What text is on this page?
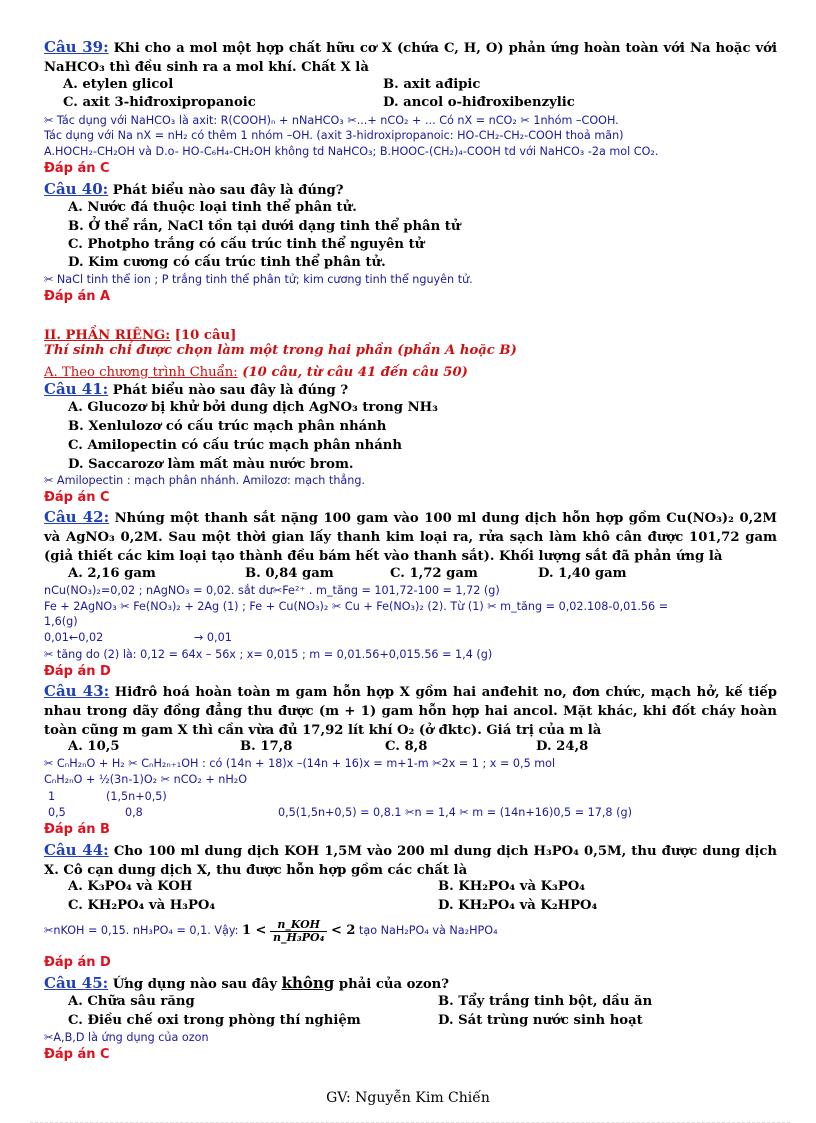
Câu 39: Khi cho a mol một hợp chất hữu cơ X (chứa C, H, O) phản ứng hoàn toàn với Na hoặc với NaHCO₃ thì đều sinh ra a mol khí. Chất X là
A. etylen glicol	B. axit ađipic
C. axit 3-hiđroxipropanoic	D. ancol o-hiđroxibenzylic
✂ Tác dụng với NaHCO₃ là axit: R(COOH)ₙ + nNaHCO₃ ✂...+ nCO₂ + ... Có nX = nCO₂ ✂ 1nhóm –COOH.
Tác dụng với Na nX = nH₂ có thêm 1 nhóm –OH. (axit 3-hidroxipropanoic: HO-CH₂-CH₂-COOH thoả mãn)
A.HOCH₂-CH₂OH và D.o- HO-C₆H₄-CH₂OH không td NaHCO₃; B.HOOC-(CH₂)₄-COOH td với NaHCO₃ -2a mol CO₂.
Đáp án C
Câu 40: Phát biểu nào sau đây là đúng?
A. Nước đá thuộc loại tinh thể phân tử.
B. Ở thể rắn, NaCl tồn tại dưới dạng tinh thể phân tử
C. Photpho trắng có cấu trúc tinh thể nguyên tử
D. Kim cương có cấu trúc tinh thể phân tử.
✂ NaCl tinh thể ion ; P trắng tinh thể phân tử; kim cương tinh thể nguyên tử.
Đáp án A
II. PHẦN RIÊNG: [10 câu]
Thí sinh chỉ được chọn làm một trong hai phần (phần A hoặc B)
A. Theo chương trình Chuẩn: (10 câu, từ câu 41 đến câu 50)
Câu 41: Phát biểu nào sau đây là đúng ?
A. Glucozơ bị khử bởi dung dịch AgNO₃ trong NH₃
B. Xenlulozơ có cấu trúc mạch phân nhánh
C. Amilopectin có cấu trúc mạch phân nhánh
D. Saccarozơ làm mất màu nước brom.
✂ Amilopectin : mạch phân nhánh. Amilozơ: mạch thẳng.
Đáp án C
Câu 42: Nhúng một thanh sắt nặng 100 gam vào 100 ml dung dịch hỗn hợp gồm Cu(NO₃)₂ 0,2M và AgNO₃ 0,2M. Sau một thời gian lấy thanh kim loại ra, rửa sạch làm khô cân được 101,72 gam (giả thiết các kim loại tạo thành đều bám hết vào thanh sắt). Khối lượng sắt đã phản ứng là
A. 2,16 gam	B. 0,84 gam	C. 1,72 gam	D. 1,40 gam
nCu(NO₃)₂=0,02 ; nAgNO₃ = 0,02. sắt dư✂Fe²⁺ . m_tăng = 101,72-100 = 1,72 (g)
Fe + 2AgNO₃ ✂ Fe(NO₃)₂ + 2Ag (1) ; Fe + Cu(NO₃)₂ ✂ Cu + Fe(NO₃)₂ (2). Từ (1) ✂ m_tăng = 0,02.108-0,01.56 =
1,6(g)
0,01←0,02	→ 0,01
✂ tăng do (2) là: 0,12 = 64x – 56x ; x= 0,015 ; m = 0,01.56+0,015.56 = 1,4 (g)
Đáp án D
Câu 43: Hiđrô hoá hoàn toàn m gam hỗn hợp X gồm hai anđehit no, đơn chức, mạch hở, kế tiếp nhau trong dãy đồng đẳng thu được (m + 1) gam hỗn hợp hai ancol. Mặt khác, khi đốt cháy hoàn toàn cũng m gam X thì cần vừa đủ 17,92 lít khí O₂ (ở đktc). Giá trị của m là
A. 10,5	B. 17,8	C. 8,8	D. 24,8
✂ CₙH₂ₙO + H₂ ✂ CₙH₂ₙ₊₁OH : có (14n + 18)x –(14n + 16)x = m+1-m ✂2x = 1 ; x = 0,5 mol
CₙH₂ₙO + ½(3n-1)O₂ ✂ nCO₂ + nH₂O
1	(1,5n+0,5)
0,5	0,8	0,5(1,5n+0,5) = 0,8.1 ✂n = 1,4 ✂ m = (14n+16)0,5 = 17,8 (g)
Đáp án B
Câu 44: Cho 100 ml dung dịch KOH 1,5M vào 200 ml dung dịch H₃PO₄ 0,5M, thu được dung dịch X. Cô cạn dung dịch X, thu được hỗn hợp gồm các chất là
A. K₃PO₄ và KOH	B. KH₂PO₄ và K₃PO₄
C. KH₂PO₄ và H₃PO₄	D. KH₂PO₄ và K₂HPO₄
✂nKOH = 0,15. nH₃PO₄ = 0,1. Vậy: $1 < \frac{\text{n\_KOH}}{\text{n\_H₃PO₄}} < 2$ tạo NaH₂PO₄ và Na₂HPO₄
Đáp án D
Câu 45: Ứng dụng nào sau đây không phải của ozon?
A. Chữa sâu răng	B. Tẩy trắng tinh bột, dầu ăn
C. Điều chế oxi trong phòng thí nghiệm	D. Sát trùng nước sinh hoạt
✂A,B,D là ứng dụng của ozon
Đáp án C
GV: Nguyễn Kim Chiến
